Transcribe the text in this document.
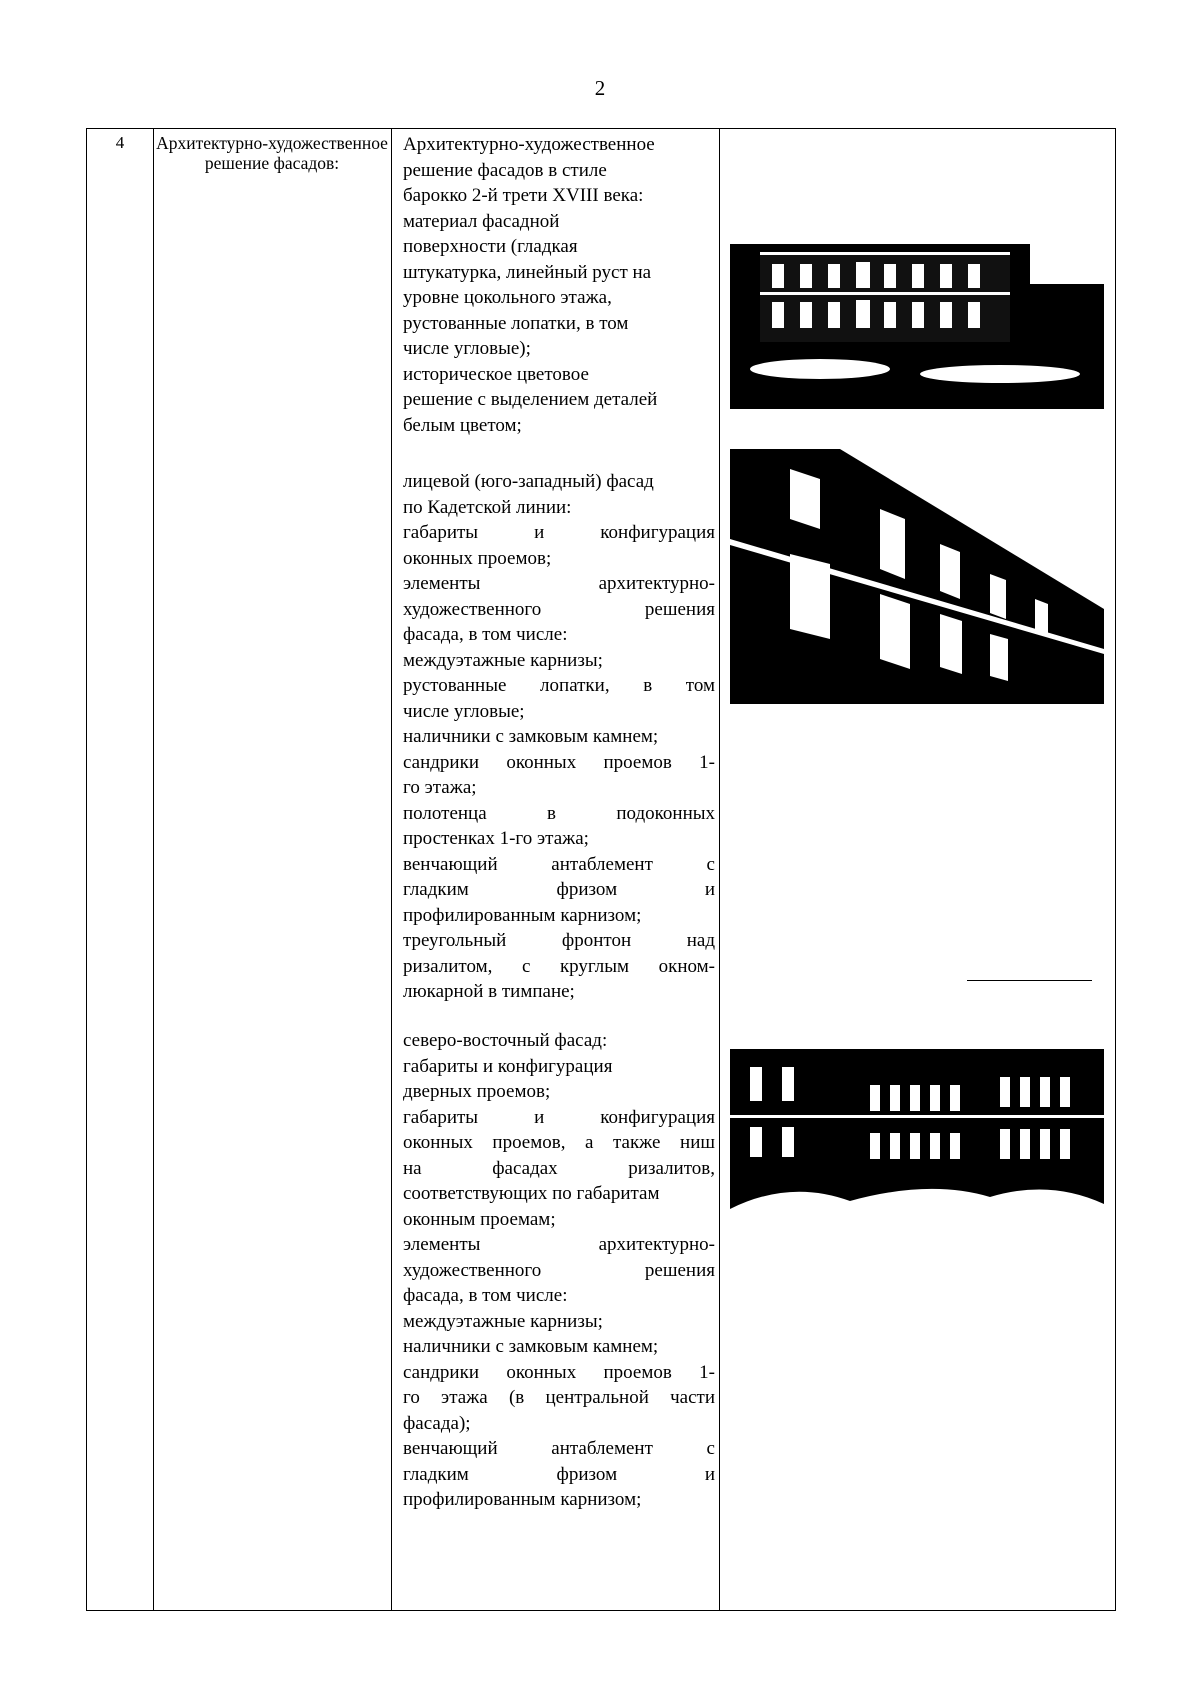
2
4	Архитектурно-художественное решение фасадов:

Архитектурно-художественное

решение фасадов в стиле

барокко 2-й трети XVIII века:

материал фасадной

поверхности (гладкая

штукатурка, линейный руст на

уровне цокольного этажа,

рустованные лопатки, в том

числе угловые);

историческое цветовое

решение с выделением деталей

белым цветом;

лицевой (юго-западный) фасад

по Кадетской линии:

габариты и конфигурация

оконных проемов;

элементы архитектурно-

художественного решения

фасада, в том числе:

междуэтажные карнизы;

рустованные лопатки, в том

числе угловые;

наличники с замковым камнем;

сандрики оконных проемов 1-

го этажа;

полотенца в подоконных

простенках 1-го этажа;

венчающий антаблемент с

гладким фризом и

профилированным карнизом;

треугольный фронтон над

ризалитом, с круглым окном-

люкарной в тимпане;

северо-восточный фасад:

габариты и конфигурация

дверных проемов;

габариты и конфигурация

оконных проемов, а также ниш

на фасадах ризалитов,

соответствующих по габаритам

оконным проемам;

элементы архитектурно-

художественного решения

фасада, в том числе:

междуэтажные карнизы;

наличники с замковым камнем;

сандрики оконных проемов 1-

го этажа (в центральной части

фасада);

венчающий антаблемент с

гладким фризом и

профилированным карнизом;
